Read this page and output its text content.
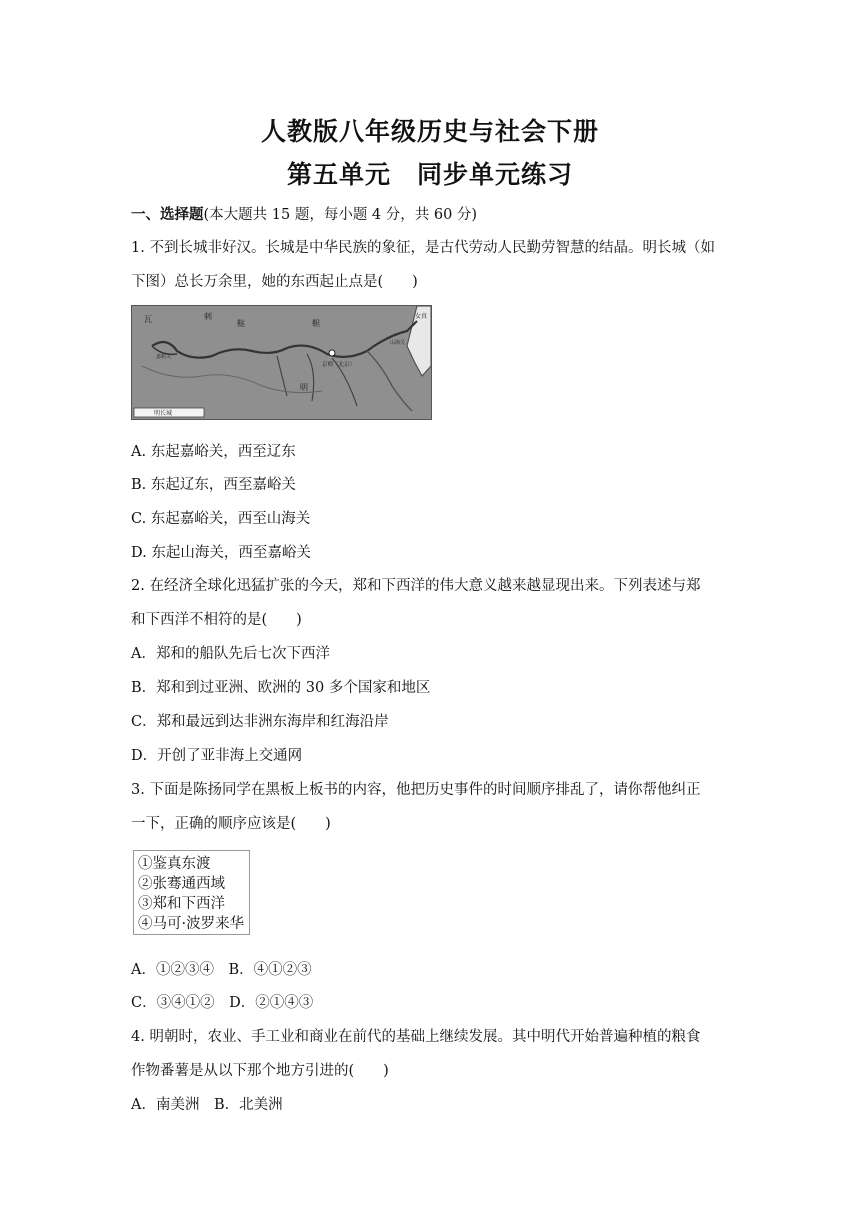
人教版八年级历史与社会下册
第五单元　同步单元练习
一、选择题(本大题共 15 题，每小题 4 分，共 60 分)
1. 不到长城非好汉。长城是中华民族的象征，是古代劳动人民勤劳智慧的结晶。明长城（如
下图）总长万余里，她的东西起止点是(　　)
瓦	剌
鞑	靼
明
京师（北京）
嘉峪关
山海关
女真
明长城
A. 东起嘉峪关，西至辽东
B. 东起辽东，西至嘉峪关
C. 东起嘉峪关，西至山海关
D. 东起山海关，西至嘉峪关
2. 在经济全球化迅猛扩张的今天，郑和下西洋的伟大意义越来越显现出来。下列表述与郑
和下西洋不相符的是(　　)
A．郑和的船队先后七次下西洋
B．郑和到过亚洲、欧洲的 30 多个国家和地区
C．郑和最远到达非洲东海岸和红海沿岸
D．开创了亚非海上交通网
3. 下面是陈扬同学在黑板上板书的内容，他把历史事件的时间顺序排乱了，请你帮他纠正
一下，正确的顺序应该是(　　)
①鉴真东渡
②张骞通西域
③郑和下西洋
④马可·波罗来华
A．①②③④　B．④①②③
C．③④①②　D．②①④③
4. 明朝时，农业、手工业和商业在前代的基础上继续发展。其中明代开始普遍种植的粮食
作物番薯是从以下那个地方引进的(　　)
A．南美洲　B．北美洲
